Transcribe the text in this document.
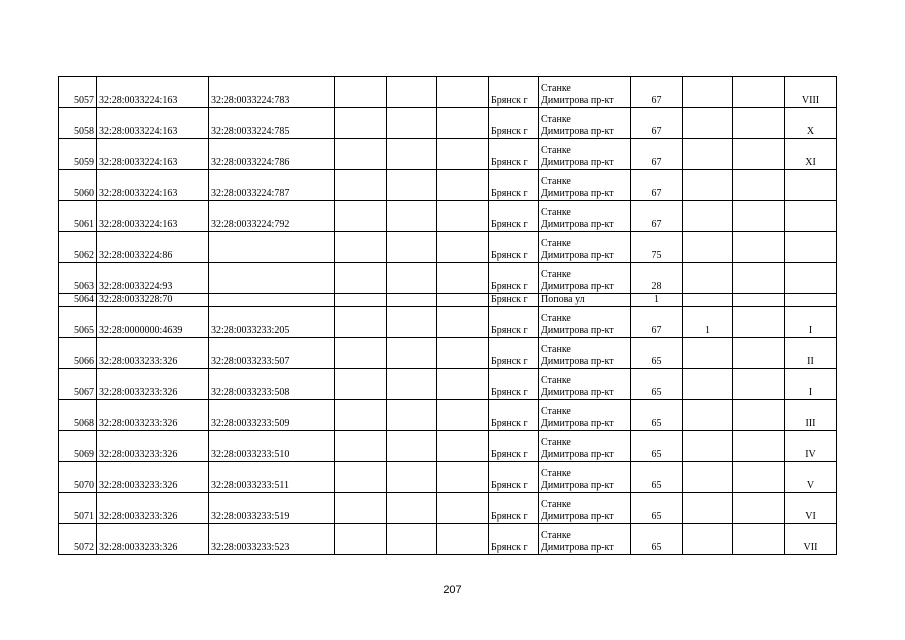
5057	32:28:0033224:163	32:28:0033224:783				Брянск г	Станке
Димитрова пр-кт	67			VIII
5058	32:28:0033224:163	32:28:0033224:785				Брянск г	Станке
Димитрова пр-кт	67			X
5059	32:28:0033224:163	32:28:0033224:786				Брянск г	Станке
Димитрова пр-кт	67			XI
5060	32:28:0033224:163	32:28:0033224:787				Брянск г	Станке
Димитрова пр-кт	67			
5061	32:28:0033224:163	32:28:0033224:792				Брянск г	Станке
Димитрова пр-кт	67			
5062	32:28:0033224:86					Брянск г	Станке
Димитрова пр-кт	75			
5063	32:28:0033224:93					Брянск г	Станке
Димитрова пр-кт	28			
5064	32:28:0033228:70					Брянск г	Попова ул	1			
5065	32:28:0000000:4639	32:28:0033233:205				Брянск г	Станке
Димитрова пр-кт	67	1		I
5066	32:28:0033233:326	32:28:0033233:507				Брянск г	Станке
Димитрова пр-кт	65			II
5067	32:28:0033233:326	32:28:0033233:508				Брянск г	Станке
Димитрова пр-кт	65			I
5068	32:28:0033233:326	32:28:0033233:509				Брянск г	Станке
Димитрова пр-кт	65			III
5069	32:28:0033233:326	32:28:0033233:510				Брянск г	Станке
Димитрова пр-кт	65			IV
5070	32:28:0033233:326	32:28:0033233:511				Брянск г	Станке
Димитрова пр-кт	65			V
5071	32:28:0033233:326	32:28:0033233:519				Брянск г	Станке
Димитрова пр-кт	65			VI
5072	32:28:0033233:326	32:28:0033233:523				Брянск г	Станке
Димитрова пр-кт	65			VII
207
